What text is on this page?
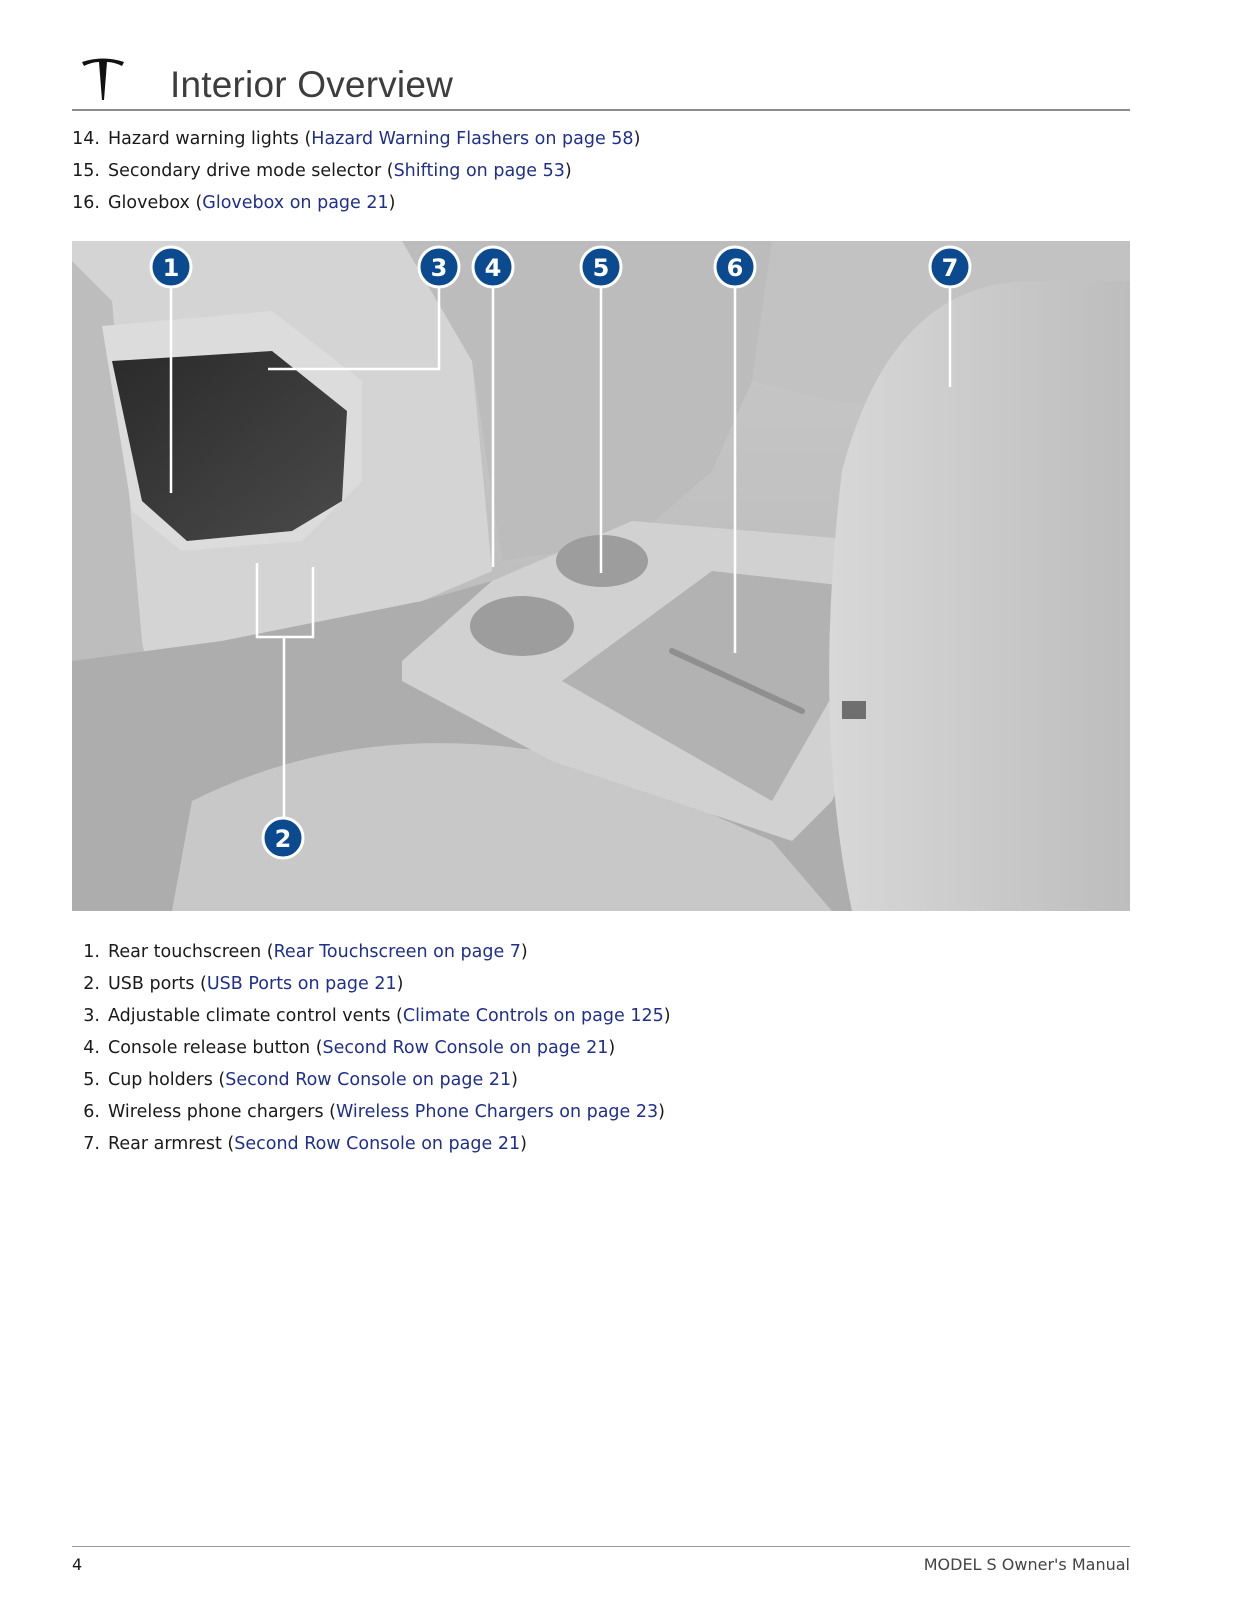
Interior Overview
14. Hazard warning lights (Hazard Warning Flashers on page 58)
15. Secondary drive mode selector (Shifting on page 53)
16. Glovebox (Glovebox on page 21)
1
2
3 4	5	6	7
1. Rear touchscreen (Rear Touchscreen on page 7)
2. USB ports (USB Ports on page 21)
3. Adjustable climate control vents (Climate Controls on page 125)
4. Console release button (Second Row Console on page 21)
5. Cup holders (Second Row Console on page 21)
6. Wireless phone chargers (Wireless Phone Chargers on page 23)
7. Rear armrest (Second Row Console on page 21)
4	MODEL S Owner's Manual
